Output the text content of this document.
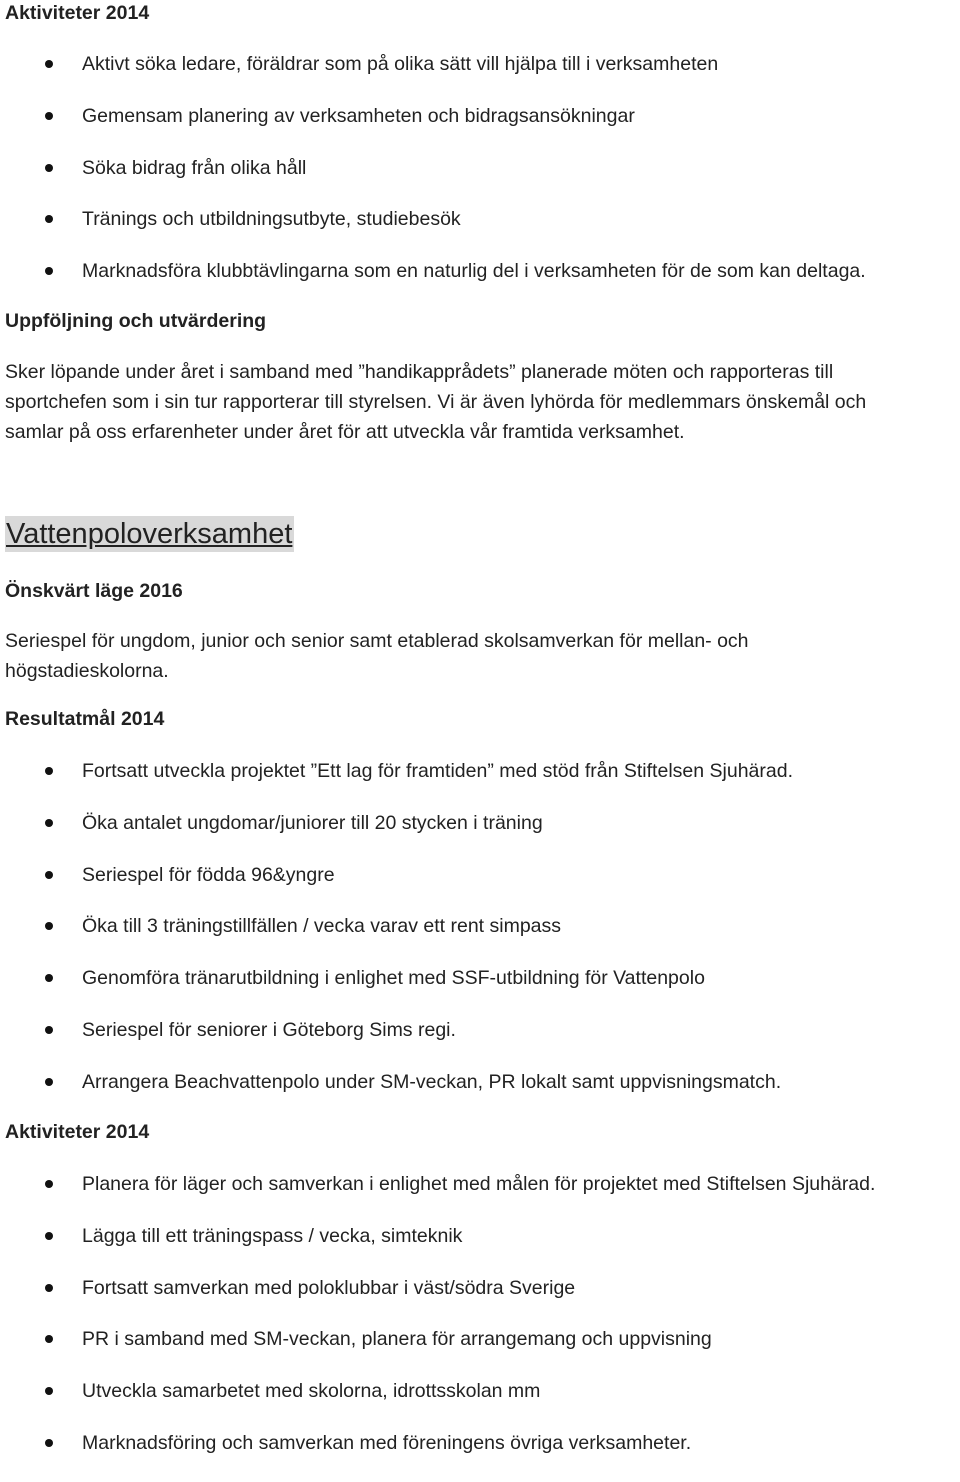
Aktiviteter 2014
Aktivt söka ledare, föräldrar som på olika sätt vill hjälpa till i verksamheten
Gemensam planering av verksamheten och bidragsansökningar
Söka bidrag från olika håll
Tränings och utbildningsutbyte, studiebesök
Marknadsföra klubbtävlingarna som en naturlig del i verksamheten för de som kan deltaga.
Uppföljning och utvärdering
Sker löpande under året i samband med ”handikapprådets” planerade möten och rapporteras till
sportchefen som i sin tur rapporterar till styrelsen. Vi är även lyhörda för medlemmars önskemål och
samlar på oss erfarenheter under året för att utveckla vår framtida verksamhet.
Vattenpoloverksamhet
Önskvärt läge 2016
Seriespel för ungdom, junior och senior samt etablerad skolsamverkan för mellan- och
högstadieskolorna.
Resultatmål 2014
Fortsatt utveckla projektet ”Ett lag för framtiden” med stöd från Stiftelsen Sjuhärad.
Öka antalet ungdomar/juniorer till 20 stycken i träning
Seriespel för födda 96&yngre
Öka till 3 träningstillfällen / vecka varav ett rent simpass
Genomföra tränarutbildning i enlighet med SSF-utbildning för Vattenpolo
Seriespel för seniorer i Göteborg Sims regi.
Arrangera Beachvattenpolo under SM-veckan, PR lokalt samt uppvisningsmatch.
Aktiviteter 2014
Planera för läger och samverkan i enlighet med målen för projektet med Stiftelsen Sjuhärad.
Lägga till ett träningspass / vecka, simteknik
Fortsatt samverkan med poloklubbar i väst/södra Sverige
PR i samband med SM-veckan, planera för arrangemang och uppvisning
Utveckla samarbetet med skolorna, idrottsskolan mm
Marknadsföring och samverkan med föreningens övriga verksamheter.
